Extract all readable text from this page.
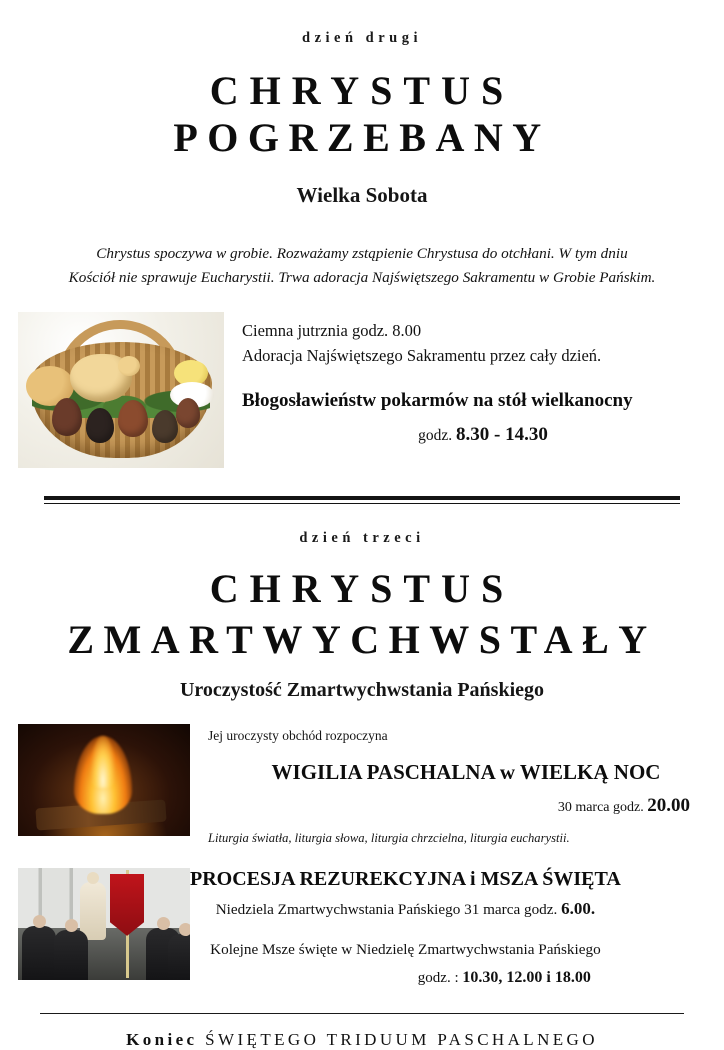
dzień drugi
CHRYSTUS
POGRZEBANY
Wielka Sobota
Chrystus spoczywa w grobie. Rozważamy zstąpienie Chrystusa do otchłani. W tym dniu
Kościół nie sprawuje Eucharystii. Trwa adoracja Najświętszego Sakramentu w Grobie Pańskim.
Ciemna jutrznia godz. 8.00
Adoracja Najświętszego Sakramentu przez cały dzień.
Błogosławieństw pokarmów na stół wielkanocny
godz. 8.30 - 14.30
dzień trzeci
CHRYSTUS
ZMARTWYCHWSTAŁY
Uroczystość Zmartwychwstania Pańskiego
Jej uroczysty obchód rozpoczyna
WIGILIA PASCHALNA w WIELKĄ NOC
30 marca godz. 20.00
Liturgia światła, liturgia słowa, liturgia chrzcielna, liturgia eucharystii.
PROCESJA REZUREKCYJNA i MSZA ŚWIĘTA
Niedziela Zmartwychwstania Pańskiego 31 marca godz. 6.00.
Kolejne Msze święte w Niedzielę Zmartwychwstania Pańskiego
godz. : 10.30, 12.00 i 18.00
Koniec ŚWIĘTEGO TRIDUUM PASCHALNEGO
